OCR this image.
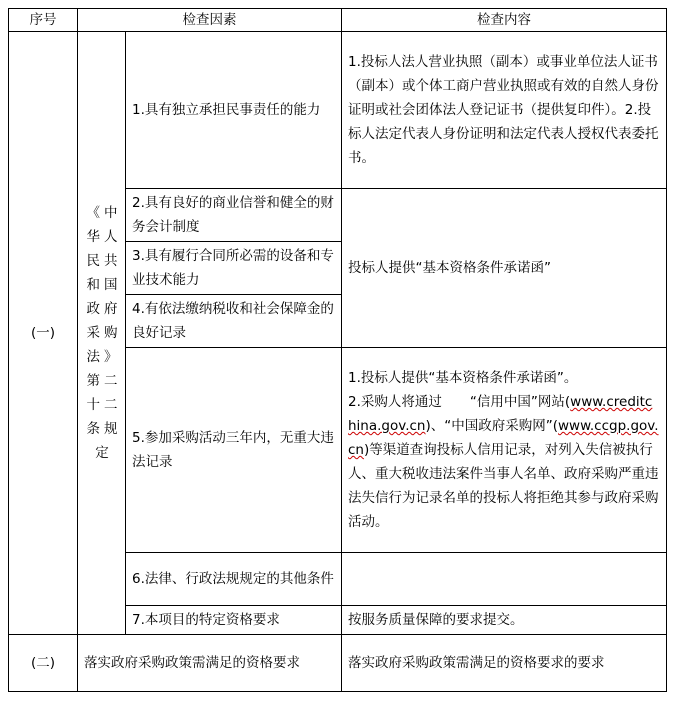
序号	检查因素		检查内容
(一)	《中华人民共和国政府采购法》第二十二条规定	1.具有独立承担民事责任的能力	1.投标人法人营业执照（副本）或事业单位法人证书（副本）或个体工商户营业执照或有效的自然人身份证明或社会团体法人登记证书（提供复印件）。2.投标人法定代表人身份证明和法定代表人授权代表委托书。
		2.具有良好的商业信誉和健全的财务会计制度	投标人提供“基本资格条件承诺函”
		3.具有履行合同所必需的设备和专业技术能力	
		4.有依法缴纳税收和社会保障金的良好记录	
		5.参加采购活动三年内，无重大违法记录	1.投标人提供“基本资格条件承诺函”。
2.采购人将通过 “信用中国”网站(www.creditchina.gov.cn)、“中国政府采购网”(www.ccgp.gov.cn)等渠道查询投标人信用记录，对列入失信被执行人、重大税收违法案件当事人名单、政府采购严重违法失信行为记录名单的投标人将拒绝其参与政府采购活动。

		6.法律、行政法规规定的其他条件	
		7.本项目的特定资格要求	按服务质量保障的要求提交。
(二)	落实政府采购政策需满足的资格要求		落实政府采购政策需满足的资格要求的要求
